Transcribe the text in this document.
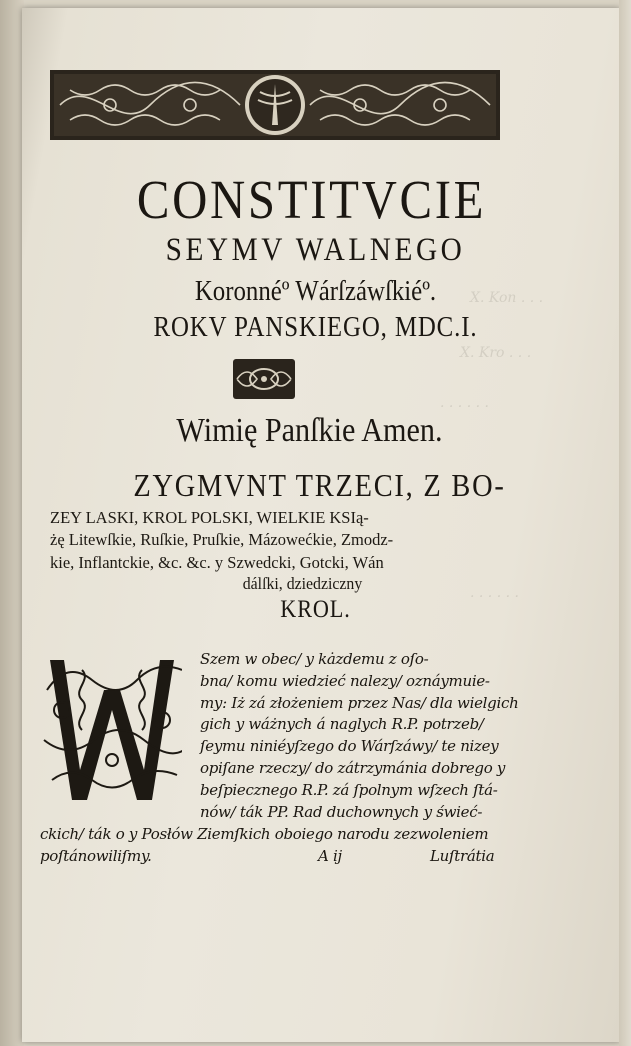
X. Kon . . .
X. Kro . . .
. . . . . .
. . . . . .
CONSTITVCIE
SEYMV WALNEGO
Koronnéº Wárſzáwſkiéº.
ROKV PANSKIEGO, MDC.I.
Wimię Panſkie Amen.
ZYGMVNT TRZECI, Z BO-
ZEY LASKI, KROL POLSKI, WIELKIE KSIą-
żę Litewſkie, Ruſkie, Pruſkie, Mázowećkie, Zmodz-
kie, Inflantckie, &c. &c. y Szwedcki, Gotcki, Wán
dálſki, dziedziczny
KROL.
Szem w obec/ y kȧzdemu z oſo-
bna/ komu wiedzieć nalezy/ oznáymuie-
my: Iż zá złożeniem przez Nas/ dla wielgich
gich y wáżnych á naglych R.P. potrzeb/
ſeymu niniéyſzego do Wárſzáwy/ te nizey
opiſane rzeczy/ do zátrzymánia dobrego y
beſpiecznego R.P. zá ſpolnym wſzech ſtá-
nów/ ták PP. Rad duchownych y świeć-
ckich/ ták o y Posłów Ziemſkich oboiego narodu zezwoleniem
poſtánowiliſmy.	A ij	Luſtrátia
